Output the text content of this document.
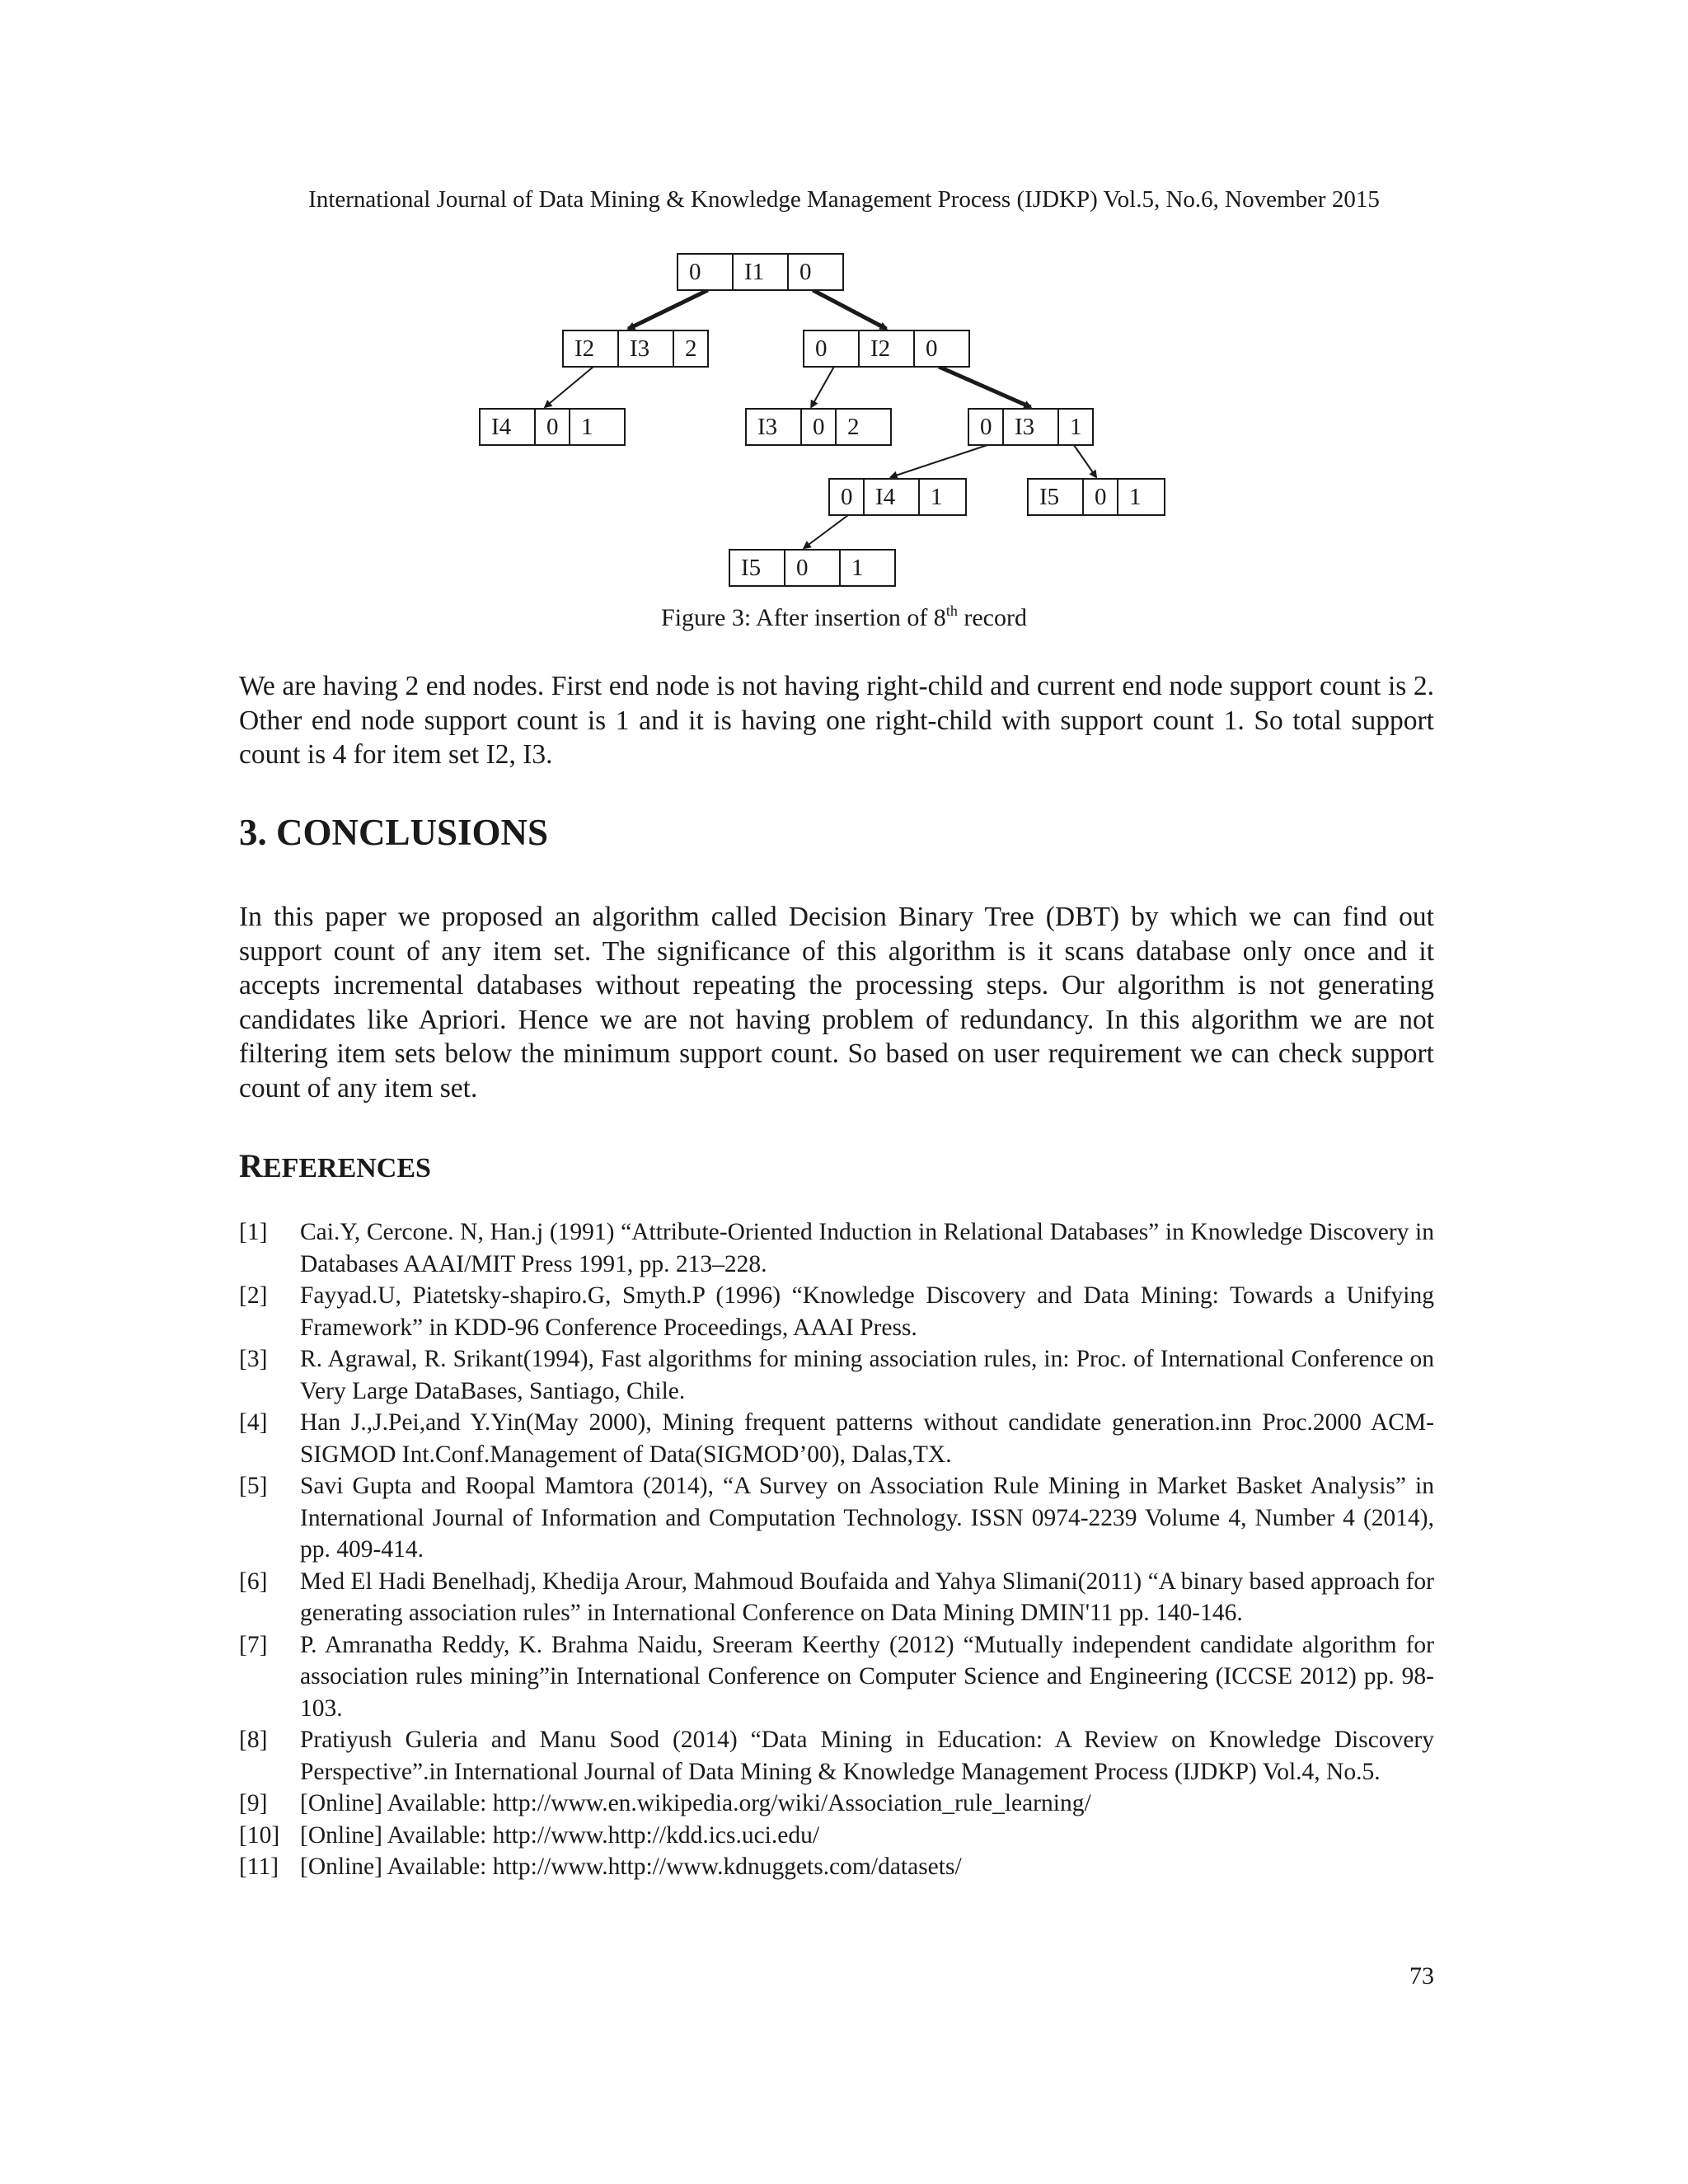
International Journal of Data Mining & Knowledge Management Process (IJDKP) Vol.5, No.6, November 2015
0 I1 0
I2 I3 2	0 I2 0
I4 0 1	I3 0 2	0 I3 1
0 I4 1	I5 0 1
I5 0 1
Figure 3: After insertion of 8th record

We are having 2 end nodes. First end node is not having right-child and current end node support count is 2. Other end node support count is 1 and it is having one right-child with support count 1. So total support count is 4 for item set I2, I3.

3. CONCLUSIONS

In this paper we proposed an algorithm called Decision Binary Tree (DBT) by which we can find out support count of any item set. The significance of this algorithm is it scans database only once and it accepts incremental databases without repeating the processing steps. Our algorithm is not generating candidates like Apriori. Hence we are not having problem of redundancy. In this algorithm we are not filtering item sets below the minimum support count. So based on user requirement we can check support count of any item set.

REFERENCES
[1]	Cai.Y, Cercone. N, Han.j (1991) “Attribute-Oriented Induction in Relational Databases” in Knowledge Discovery in Databases AAAI/MIT Press 1991, pp. 213–228.
[2]	Fayyad.U, Piatetsky-shapiro.G, Smyth.P (1996) “Knowledge Discovery and Data Mining: Towards a Unifying Framework” in KDD-96 Conference Proceedings, AAAI Press.
[3]	R. Agrawal, R. Srikant(1994), Fast algorithms for mining association rules, in: Proc. of International Conference on Very Large DataBases, Santiago, Chile.
[4]	Han J.,J.Pei,and Y.Yin(May 2000), Mining frequent patterns without candidate generation.inn Proc.2000 ACM-SIGMOD Int.Conf.Management of Data(SIGMOD’00), Dalas,TX.
[5]	Savi Gupta and Roopal Mamtora (2014), “A Survey on Association Rule Mining in Market Basket Analysis” in International Journal of Information and Computation Technology. ISSN 0974-2239 Volume 4, Number 4 (2014), pp. 409-414.
[6]	Med El Hadi Benelhadj, Khedija Arour, Mahmoud Boufaida and Yahya Slimani(2011) “A binary based approach for generating association rules” in International Conference on Data Mining DMIN'11 pp. 140-146.
[7]	P. Amranatha Reddy, K. Brahma Naidu, Sreeram Keerthy (2012) “Mutually independent candidate algorithm for association rules mining”in International Conference on Computer Science and Engineering (ICCSE 2012) pp. 98-103.
[8]	Pratiyush Guleria and Manu Sood (2014) “Data Mining in Education: A Review on Knowledge Discovery Perspective”.in International Journal of Data Mining & Knowledge Management Process (IJDKP) Vol.4, No.5.
[9]	[Online] Available: http://www.en.wikipedia.org/wiki/Association_rule_learning/
[10] [Online] Available: http://www.http://kdd.ics.uci.edu/
[11] [Online] Available: http://www.http://www.kdnuggets.com/datasets/
73
